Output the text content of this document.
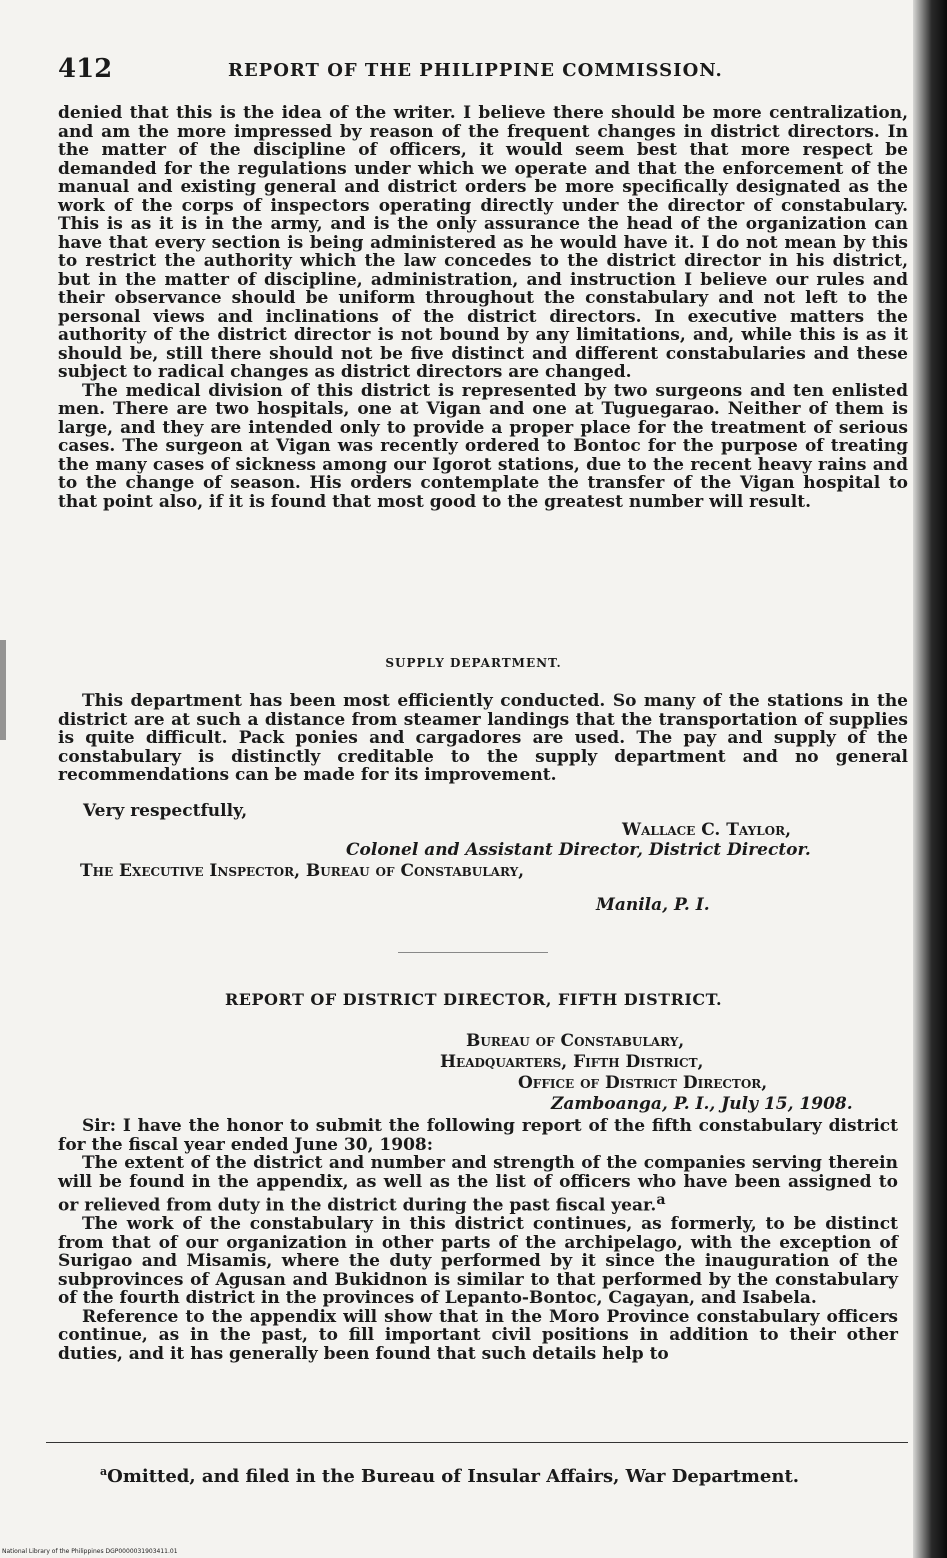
412	REPORT OF THE PHILIPPINE COMMISSION.

denied that this is the idea of the writer. I believe there should be more centralization, and am the more impressed by reason of the frequent changes in district directors. In the matter of the discipline of officers, it would seem best that more respect be demanded for the regulations under which we operate and that the enforcement of the manual and existing general and district orders be more specifically designated as the work of the corps of inspectors operating directly under the director of constabulary. This is as it is in the army, and is the only assurance the head of the organization can have that every section is being administered as he would have it. I do not mean by this to restrict the authority which the law concedes to the district director in his district, but in the matter of discipline, administration, and instruction I believe our rules and their observance should be uniform throughout the constabulary and not left to the personal views and inclinations of the district directors. In executive matters the authority of the district director is not bound by any limitations, and, while this is as it should be, still there should not be five distinct and different constabularies and these subject to radical changes as district directors are changed.

The medical division of this district is represented by two surgeons and ten enlisted men. There are two hospitals, one at Vigan and one at Tuguegarao. Neither of them is large, and they are intended only to provide a proper place for the treatment of serious cases. The surgeon at Vigan was recently ordered to Bontoc for the purpose of treating the many cases of sickness among our Igorot stations, due to the recent heavy rains and to the change of season. His orders contemplate the transfer of the Vigan hospital to that point also, if it is found that most good to the greatest number will result.

SUPPLY DEPARTMENT.

This department has been most efficiently conducted. So many of the stations in the district are at such a distance from steamer landings that the transportation of supplies is quite difficult. Pack ponies and cargadores are used. The pay and supply of the constabulary is distinctly creditable to the supply department and no general recommendations can be made for its improvement.

Very respectfully,
Wallace C. Taylor,
Colonel and Assistant Director, District Director.
The Executive Inspector, Bureau of Constabulary,
Manila, P. I.
REPORT OF DISTRICT DIRECTOR, FIFTH DISTRICT.
Bureau of Constabulary,
Headquarters, Fifth District,
Office of District Director,
Zamboanga, P. I., July 15, 1908.

Sir: I have the honor to submit the following report of the fifth constabulary district for the fiscal year ended June 30, 1908:

The extent of the district and number and strength of the companies serving therein will be found in the appendix, as well as the list of officers who have been assigned to or relieved from duty in the district during the past fiscal year.$^a$

The work of the constabulary in this district continues, as formerly, to be distinct from that of our organization in other parts of the archipelago, with the exception of Surigao and Misamis, where the duty performed by it since the inauguration of the subprovinces of Agusan and Bukidnon is similar to that performed by the constabulary of the fourth district in the provinces of Lepanto-Bontoc, Cagayan, and Isabela.

Reference to the appendix will show that in the Moro Province constabulary officers continue, as in the past, to fill important civil positions in addition to their other duties, and it has generally been found that such details help to

$^a$Omitted, and filed in the Bureau of Insular Affairs, War Department.
National Library of the Philippines DGP0000031903411.01
